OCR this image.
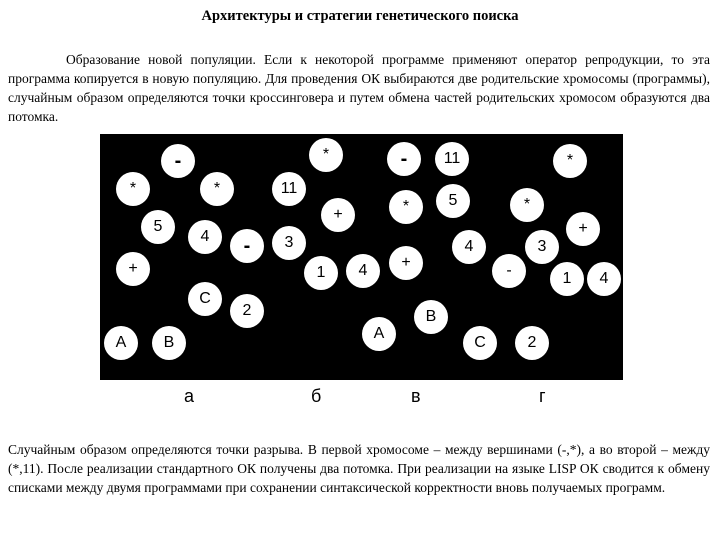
Архитектуры и стратегии генетического поиска

Образование новой популяции. Если к некоторой программе применяют оператор репродукции, то эта программа копируется в новую популяцию. Для проведения ОК выбираются две родительские хромосомы (программы), случайным образом определяются точки кроссинговера и путем обмена частей родительских хромосом образуются два потомка.

-
*	*
5
4
+
-
C
2
A	B
*
11
+
3
1	4
-	11
*	5
+
4
A
B
*
*
+
3
-	1	4
C	2
а	б	в	г

Случайным образом определяются точки разрыва. В первой хромосоме – между вершинами (-,*), а во второй – между (*,11). После реализации стандартного ОК получены два потомка. При реализации на языке LISP ОК сводится к обмену списками между двумя программами при сохранении синтаксической корректности вновь получаемых программ.
